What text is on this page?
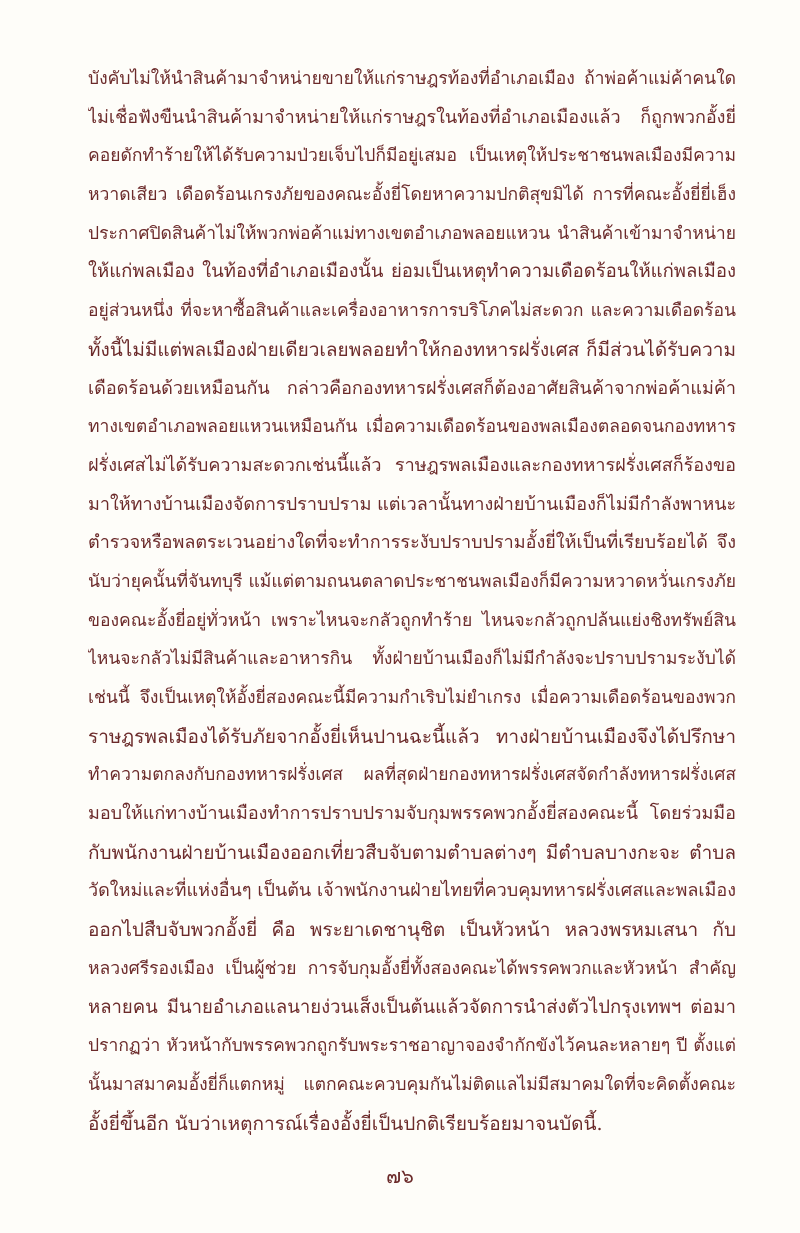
บังคับไม่ให้นำสินค้ามาจำหน่ายขายให้แก่ราษฎรท้องที่อำเภอเมือง ถ้าพ่อค้าแม่ค้าคนใด
ไม่เชื่อฟังขืนนำสินค้ามาจำหน่ายให้แก่ราษฎรในท้องที่อำเภอเมืองแล้ว ก็ถูกพวกอั้งยี่
คอยดักทำร้ายให้ได้รับความป่วยเจ็บไปก็มีอยู่เสมอ เป็นเหตุให้ประชาชนพลเมืองมีความ
หวาดเสียว เดือดร้อนเกรงภัยของคณะอั้งยี่โดยหาความปกติสุขมิได้ การที่คณะอั้งยี่ยี่เฮ็ง
ประกาศปิดสินค้าไม่ให้พวกพ่อค้าแม่ทางเขตอำเภอพลอยแหวน นำสินค้าเข้ามาจำหน่าย
ให้แก่พลเมือง ในท้องที่อำเภอเมืองนั้น ย่อมเป็นเหตุทำความเดือดร้อนให้แก่พลเมือง
อยู่ส่วนหนึ่ง ที่จะหาซื้อสินค้าและเครื่องอาหารการบริโภคไม่สะดวก และความเดือดร้อน
ทั้งนี้ไม่มีแต่พลเมืองฝ่ายเดียวเลยพลอยทำให้กองทหารฝรั่งเศส ก็มีส่วนได้รับความ
เดือดร้อนด้วยเหมือนกัน กล่าวคือกองทหารฝรั่งเศสก็ต้องอาศัยสินค้าจากพ่อค้าแม่ค้า
ทางเขตอำเภอพลอยแหวนเหมือนกัน เมื่อความเดือดร้อนของพลเมืองตลอดจนกองทหาร
ฝรั่งเศสไม่ได้รับความสะดวกเช่นนี้แล้ว ราษฎรพลเมืองและกองทหารฝรั่งเศสก็ร้องขอ
มาให้ทางบ้านเมืองจัดการปราบปราม แต่เวลานั้นทางฝ่ายบ้านเมืองก็ไม่มีกำลังพาหนะ
ตำรวจหรือพลตระเวนอย่างใดที่จะทำการระงับปราบปรามอั้งยี่ให้เป็นที่เรียบร้อยได้ จึง
นับว่ายุคนั้นที่จันทบุรี แม้แต่ตามถนนตลาดประชาชนพลเมืองก็มีความหวาดหวั่นเกรงภัย
ของคณะอั้งยี่อยู่ทั่วหน้า เพราะไหนจะกลัวถูกทำร้าย ไหนจะกลัวถูกปล้นแย่งชิงทรัพย์สิน
ไหนจะกลัวไม่มีสินค้าและอาหารกิน ทั้งฝ่ายบ้านเมืองก็ไม่มีกำลังจะปราบปรามระงับได้
เช่นนี้ จึงเป็นเหตุให้อั้งยี่สองคณะนี้มีความกำเริบไม่ยำเกรง เมื่อความเดือดร้อนของพวก
ราษฎรพลเมืองได้รับภัยจากอั้งยี่เห็นปานฉะนี้แล้ว ทางฝ่ายบ้านเมืองจึงได้ปรึกษา
ทำความตกลงกับกองทหารฝรั่งเศส ผลที่สุดฝ่ายกองทหารฝรั่งเศสจัดกำลังทหารฝรั่งเศส
มอบให้แก่ทางบ้านเมืองทำการปราบปรามจับกุมพรรคพวกอั้งยี่สองคณะนี้ โดยร่วมมือ
กับพนักงานฝ่ายบ้านเมืองออกเที่ยวสืบจับตามตำบลต่างๆ มีตำบลบางกะจะ ตำบล
วัดใหม่และที่แห่งอื่นๆ เป็นต้น เจ้าพนักงานฝ่ายไทยที่ควบคุมทหารฝรั่งเศสและพลเมือง
ออกไปสืบจับพวกอั้งยี่ คือ พระยาเดชานุชิต เป็นหัวหน้า หลวงพรหมเสนา กับ
หลวงศรีรองเมือง เป็นผู้ช่วย การจับกุมอั้งยี่ทั้งสองคณะได้พรรคพวกและหัวหน้า สำคัญ
หลายคน มีนายอำเภอแลนายง่วนเส็งเป็นต้นแล้วจัดการนำส่งตัวไปกรุงเทพฯ ต่อมา
ปรากฏว่า หัวหน้ากับพรรคพวกถูกรับพระราชอาญาจองจำกักขังไว้คนละหลายๆ ปี ตั้งแต่
นั้นมาสมาคมอั้งยี่ก็แตกหมู่ แตกคณะควบคุมกันไม่ติดแลไม่มีสมาคมใดที่จะคิดตั้งคณะ
อั้งยี่ขึ้นอีก นับว่าเหตุการณ์เรื่องอั้งยี่เป็นปกติเรียบร้อยมาจนบัดนี้.
๗๖
